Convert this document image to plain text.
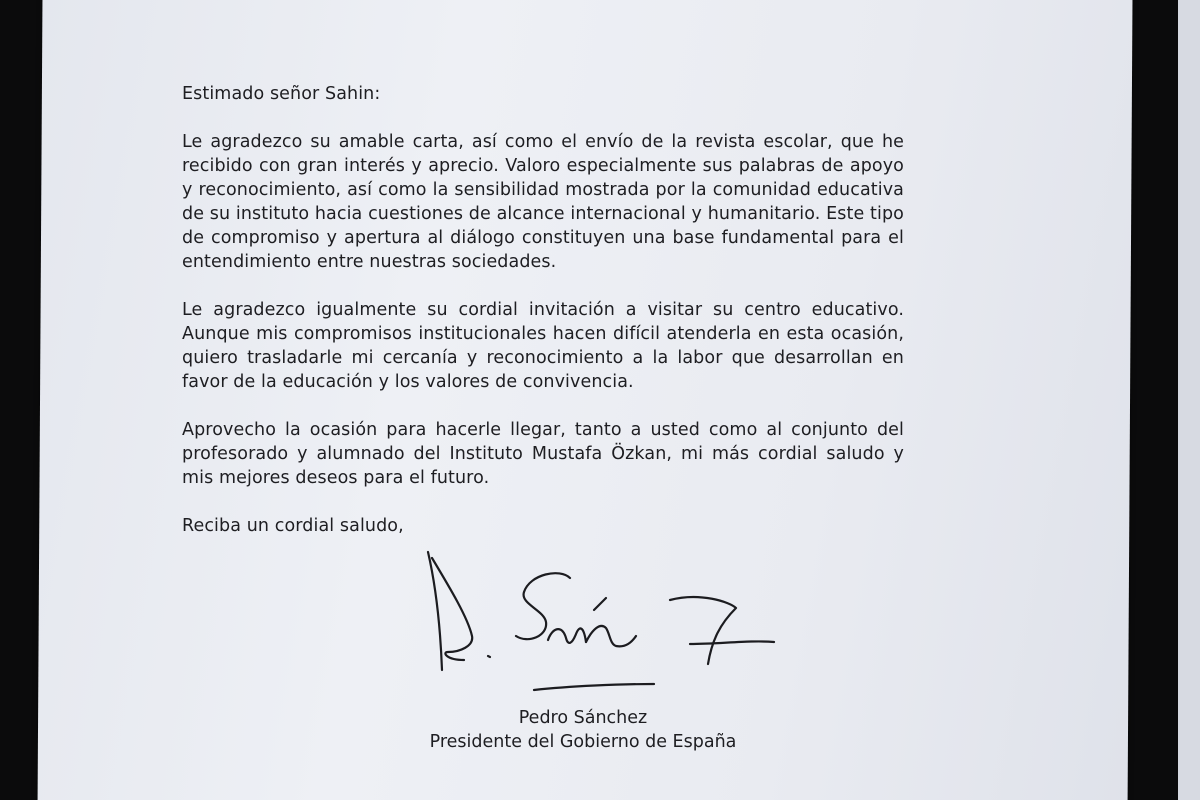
Estimado señor Sahin:

Le agradezco su amable carta, así como el envío de la revista escolar, que he recibido con gran interés y aprecio. Valoro especialmente sus palabras de apoyo y reconocimiento, así como la sensibilidad mostrada por la comunidad educativa de su instituto hacia cuestiones de alcance internacional y humanitario. Este tipo de compromiso y apertura al diálogo constituyen una base fundamental para el entendimiento entre nuestras sociedades.

Le agradezco igualmente su cordial invitación a visitar su centro educativo. Aunque mis compromisos institucionales hacen difícil atenderla en esta ocasión, quiero trasladarle mi cercanía y reconocimiento a la labor que desarrollan en favor de la educación y los valores de convivencia.

Aprovecho la ocasión para hacerle llegar, tanto a usted como al conjunto del profesorado y alumnado del Instituto Mustafa Özkan, mi más cordial saludo y mis mejores deseos para el futuro.

Reciba un cordial saludo,

Pedro Sánchez
Presidente del Gobierno de España
